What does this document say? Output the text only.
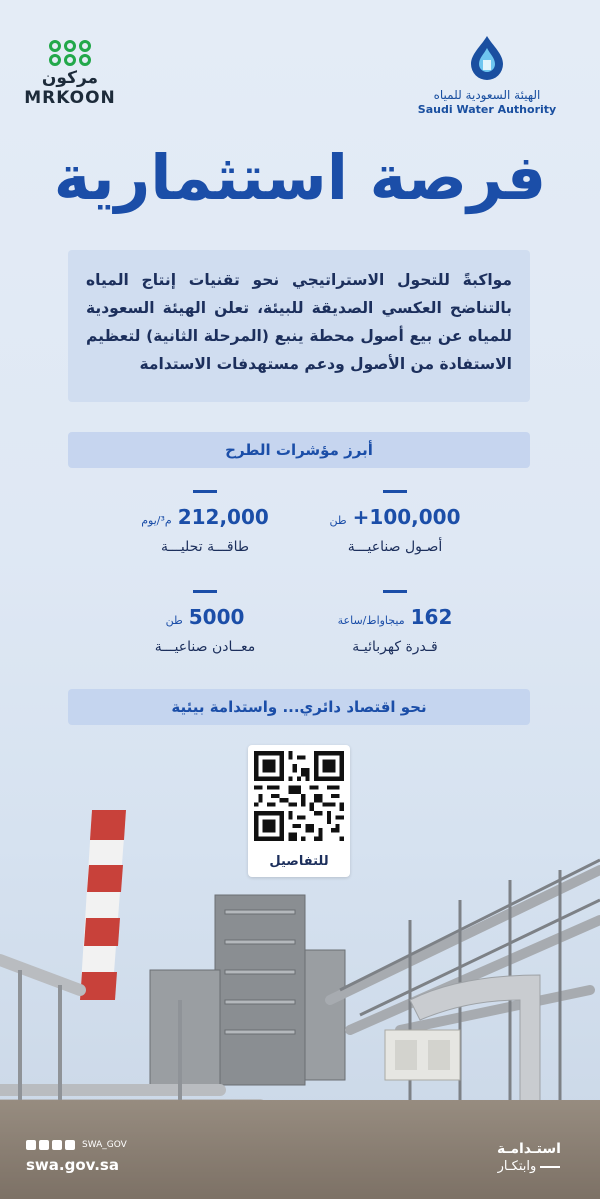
مركون
MRKOON	الهيئة السعودية للمياه
Saudi Water Authority
فرصة استثمارية
مواكبةً للتحول الاستراتيجي نحو تقنيات إنتاج المياه بالتناضح العكسي الصديقة للبيئة، تعلن الهيئة السعودية للمياه عن بيع أصول محطة ينبع (المرحلة الثانية) لتعظيم الاستفادة من الأصول ودعم مستهدفات الاستدامة
أبرز مؤشرات الطرح
+100,000
طن
أصـول صناعيـــة
212,000
م³/يوم
طاقـــة تحليـــة
162
ميجاواط/ساعة
قـدرة كهربائيـة
5000
طن
معــادن صناعيـــة
نحو اقتصاد دائري... واستدامة بيئية
للتفاصيل
SWA_GOV
swa.gov.sa
استـدامـة
وابتكـار
